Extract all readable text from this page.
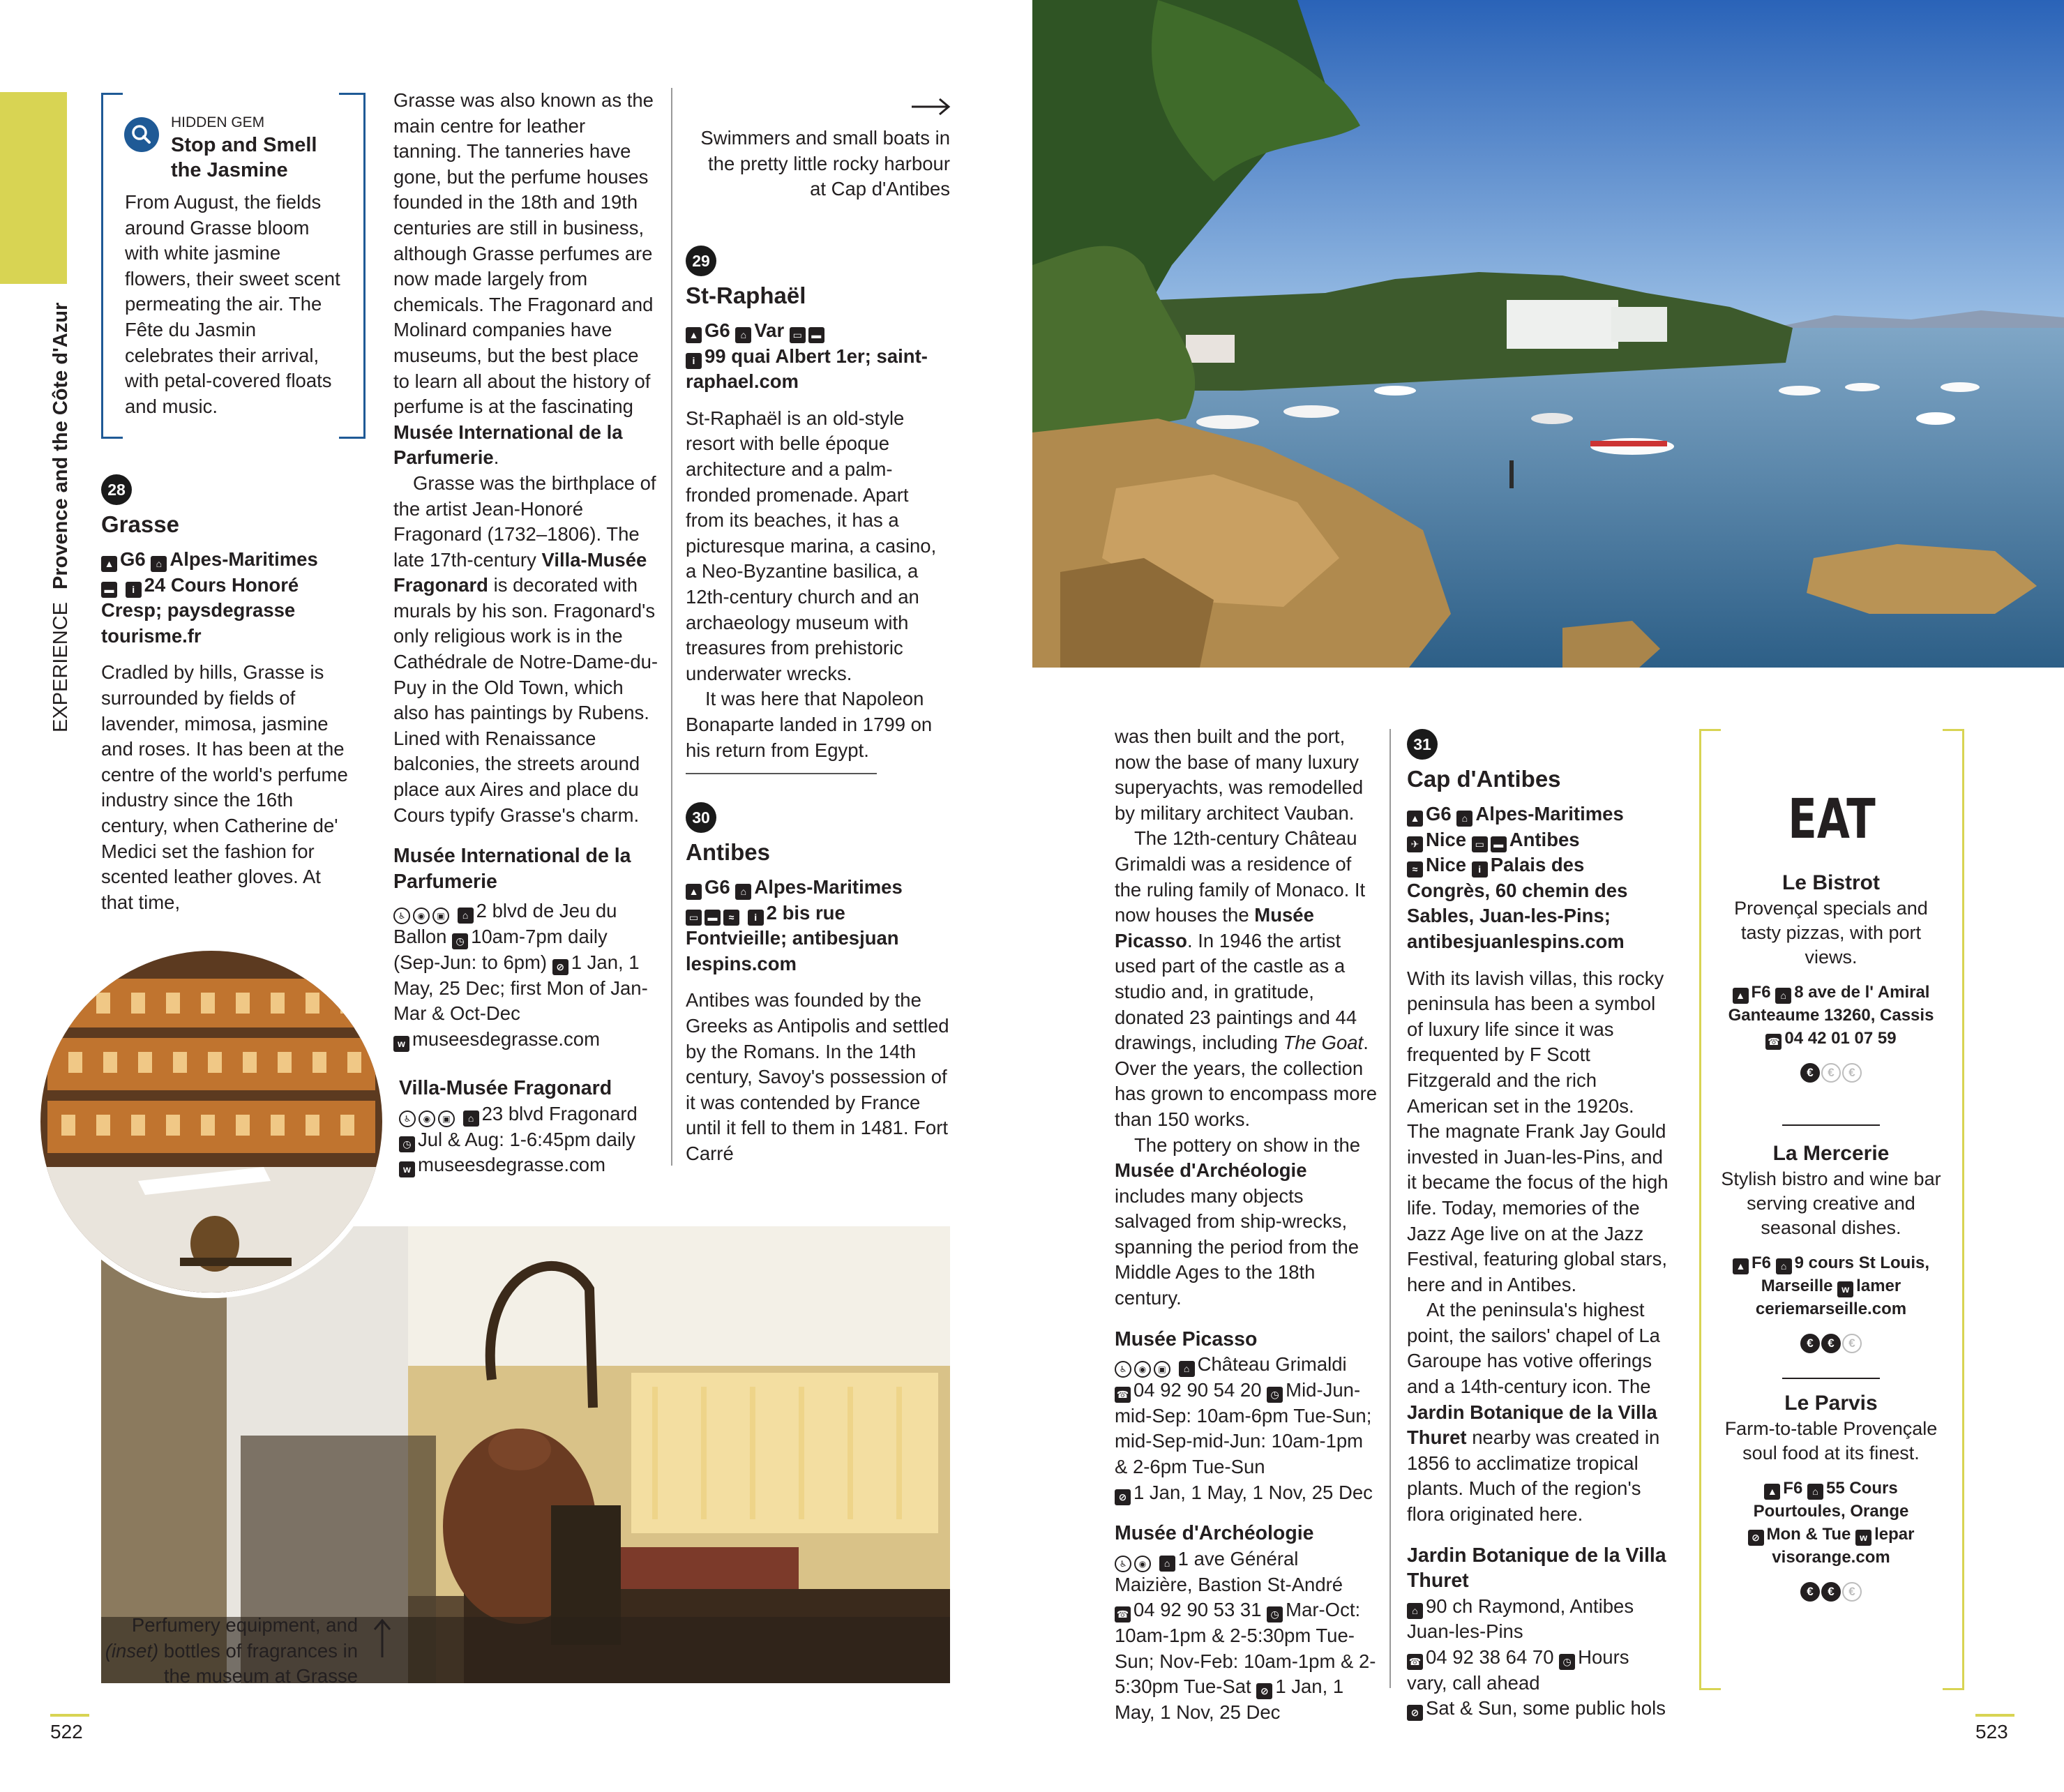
EXPERIENCE Provence and the Côte d'Azur
HIDDEN GEM
Stop and Smell the Jasmine
From August, the fields around Grasse bloom with white jasmine flowers, their sweet scent permeating the air. The Fête du Jasmin celebrates their arrival, with petal-covered floats and music.
28
Grasse
▲ G6 ⌂ Alpes-Maritimes
▬ i 24 Cours Honoré Cresp; paysdegrasse tourisme.fr

Cradled by hills, Grasse is surrounded by fields of lavender, mimosa, jasmine and roses. It has been at the centre of the world's perfume industry since the 16th century, when Catherine de' Medici set the fashion for scented leather gloves. At that time,

Grasse was also known as the main centre for leather tanning. The tanneries have gone, but the perfume houses founded in the 18th and 19th centuries are still in business, although Grasse perfumes are now made largely from chemicals. The Fragonard and Molinard companies have museums, but the best place to learn all about the history of perfume is at the fascinating Musée International de la Parfumerie.

Grasse was the birthplace of the artist Jean-Honoré Fragonard (1732–1806). The late 17th-century Villa-Musée Fragonard is decorated with murals by his son. Fragonard's only religious work is in the Cathédrale de Notre-Dame-du-Puy in the Old Town, which also has paintings by Rubens. Lined with Renaissance balconies, the streets around place aux Aires and place du Cours typify Grasse's charm.

Musée International de la Parfumerie
♿ ◉ ▣ ⌂ 2 blvd de Jeu du Ballon ◷ 10am-7pm daily (Sep-Jun: to 6pm) ⊘ 1 Jan, 1 May, 25 Dec; first Mon of Jan-Mar & Oct-Dec
w museesdegrasse.com
Villa-Musée Fragonard
♿ ◉ ▣ ⌂ 23 blvd Fragonard
◷ Jul & Aug: 1-6:45pm daily
w museesdegrasse.com
Swimmers and small boats in the pretty little rocky harbour at Cap d'Antibes
29
St-Raphaël
▲ G6 ⌂ Var ▭ ▬
i 99 quai Albert 1er; saint-raphael.com

St-Raphaël is an old-style resort with belle époque architecture and a palm-fronded promenade. Apart from its beaches, it has a picturesque marina, a casino, a Neo-Byzantine basilica, a 12th-century church and an archaeology museum with treasures from prehistoric underwater wrecks.

It was here that Napoleon Bonaparte landed in 1799 on his return from Egypt.

30
Antibes
▲ G6 ⌂ Alpes-Maritimes
▭ ▬ ≈ i 2 bis rue Fontvieille; antibesjuan lespins.com

Antibes was founded by the Greeks as Antipolis and settled by the Romans. In the 14th century, Savoy's possession of it was contended by France until it fell to them in 1481. Fort Carré

was then built and the port, now the base of many luxury superyachts, was remodelled by military architect Vauban.

The 12th-century Château Grimaldi was a residence of the ruling family of Monaco. It now houses the Musée Picasso. In 1946 the artist used part of the castle as a studio and, in gratitude, donated 23 paintings and 44 drawings, including The Goat. Over the years, the collection has grown to encompass more than 150 works.

The pottery on show in the Musée d'Archéologie includes many objects salvaged from ship-wrecks, spanning the period from the Middle Ages to the 18th century.

Musée Picasso
♿ ◉ ▣ ⌂ Château Grimaldi
☎ 04 92 90 54 20 ◷ Mid-Jun-mid-Sep: 10am-6pm Tue-Sun; mid-Sep-mid-Jun: 10am-1pm & 2-6pm Tue-Sun
⊘ 1 Jan, 1 May, 1 Nov, 25 Dec
Musée d'Archéologie
♿ ◉ ⌂ 1 ave Général Maizière, Bastion St-André
☎ 04 92 90 53 31 ◷ Mar-Oct: 10am-1pm & 2-5:30pm Tue-Sun; Nov-Feb: 10am-1pm & 2-5:30pm Tue-Sat ⊘ 1 Jan, 1 May, 1 Nov, 25 Dec
31
Cap d'Antibes
▲ G6 ⌂ Alpes-Maritimes
✈ Nice ▭ ▬ Antibes
≈ Nice i Palais des Congrès, 60 chemin des Sables, Juan-les-Pins; antibesjuanlespins.com

With its lavish villas, this rocky peninsula has been a symbol of luxury life since it was frequented by F Scott Fitzgerald and the rich American set in the 1920s. The magnate Frank Jay Gould invested in Juan-les-Pins, and it became the focus of the high life. Today, memories of the Jazz Age live on at the Jazz Festival, featuring global stars, here and in Antibes.

At the peninsula's highest point, the sailors' chapel of La Garoupe has votive offerings and a 14th-century icon. The Jardin Botanique de la Villa Thuret nearby was created in 1856 to acclimatize tropical plants. Much of the region's flora originated here.

Jardin Botanique de la Villa Thuret
⌂ 90 ch Raymond, Antibes Juan-les-Pins
☎ 04 92 38 64 70 ◷ Hours vary, call ahead
⊘ Sat & Sun, some public hols
EAT
Le Bistrot
Provençal specials and tasty pizzas, with port views.
▲ F6 ⌂ 8 ave de l' Amiral Ganteaume 13260, Cassis
☎ 04 42 01 07 59
€ € €
La Mercerie
Stylish bistro and wine bar serving creative and seasonal dishes.
▲ F6 ⌂ 9 cours St Louis, Marseille w lamer ceriemarseille.com
€ € €
Le Parvis
Farm-to-table Provençale soul food at its finest.
▲ F6 ⌂ 55 Cours Pourtoules, Orange
⊘ Mon & Tue w lepar visorange.com
€ € €
Perfumery equipment, and (inset) bottles of fragrances in the museum at Grasse
522	523
